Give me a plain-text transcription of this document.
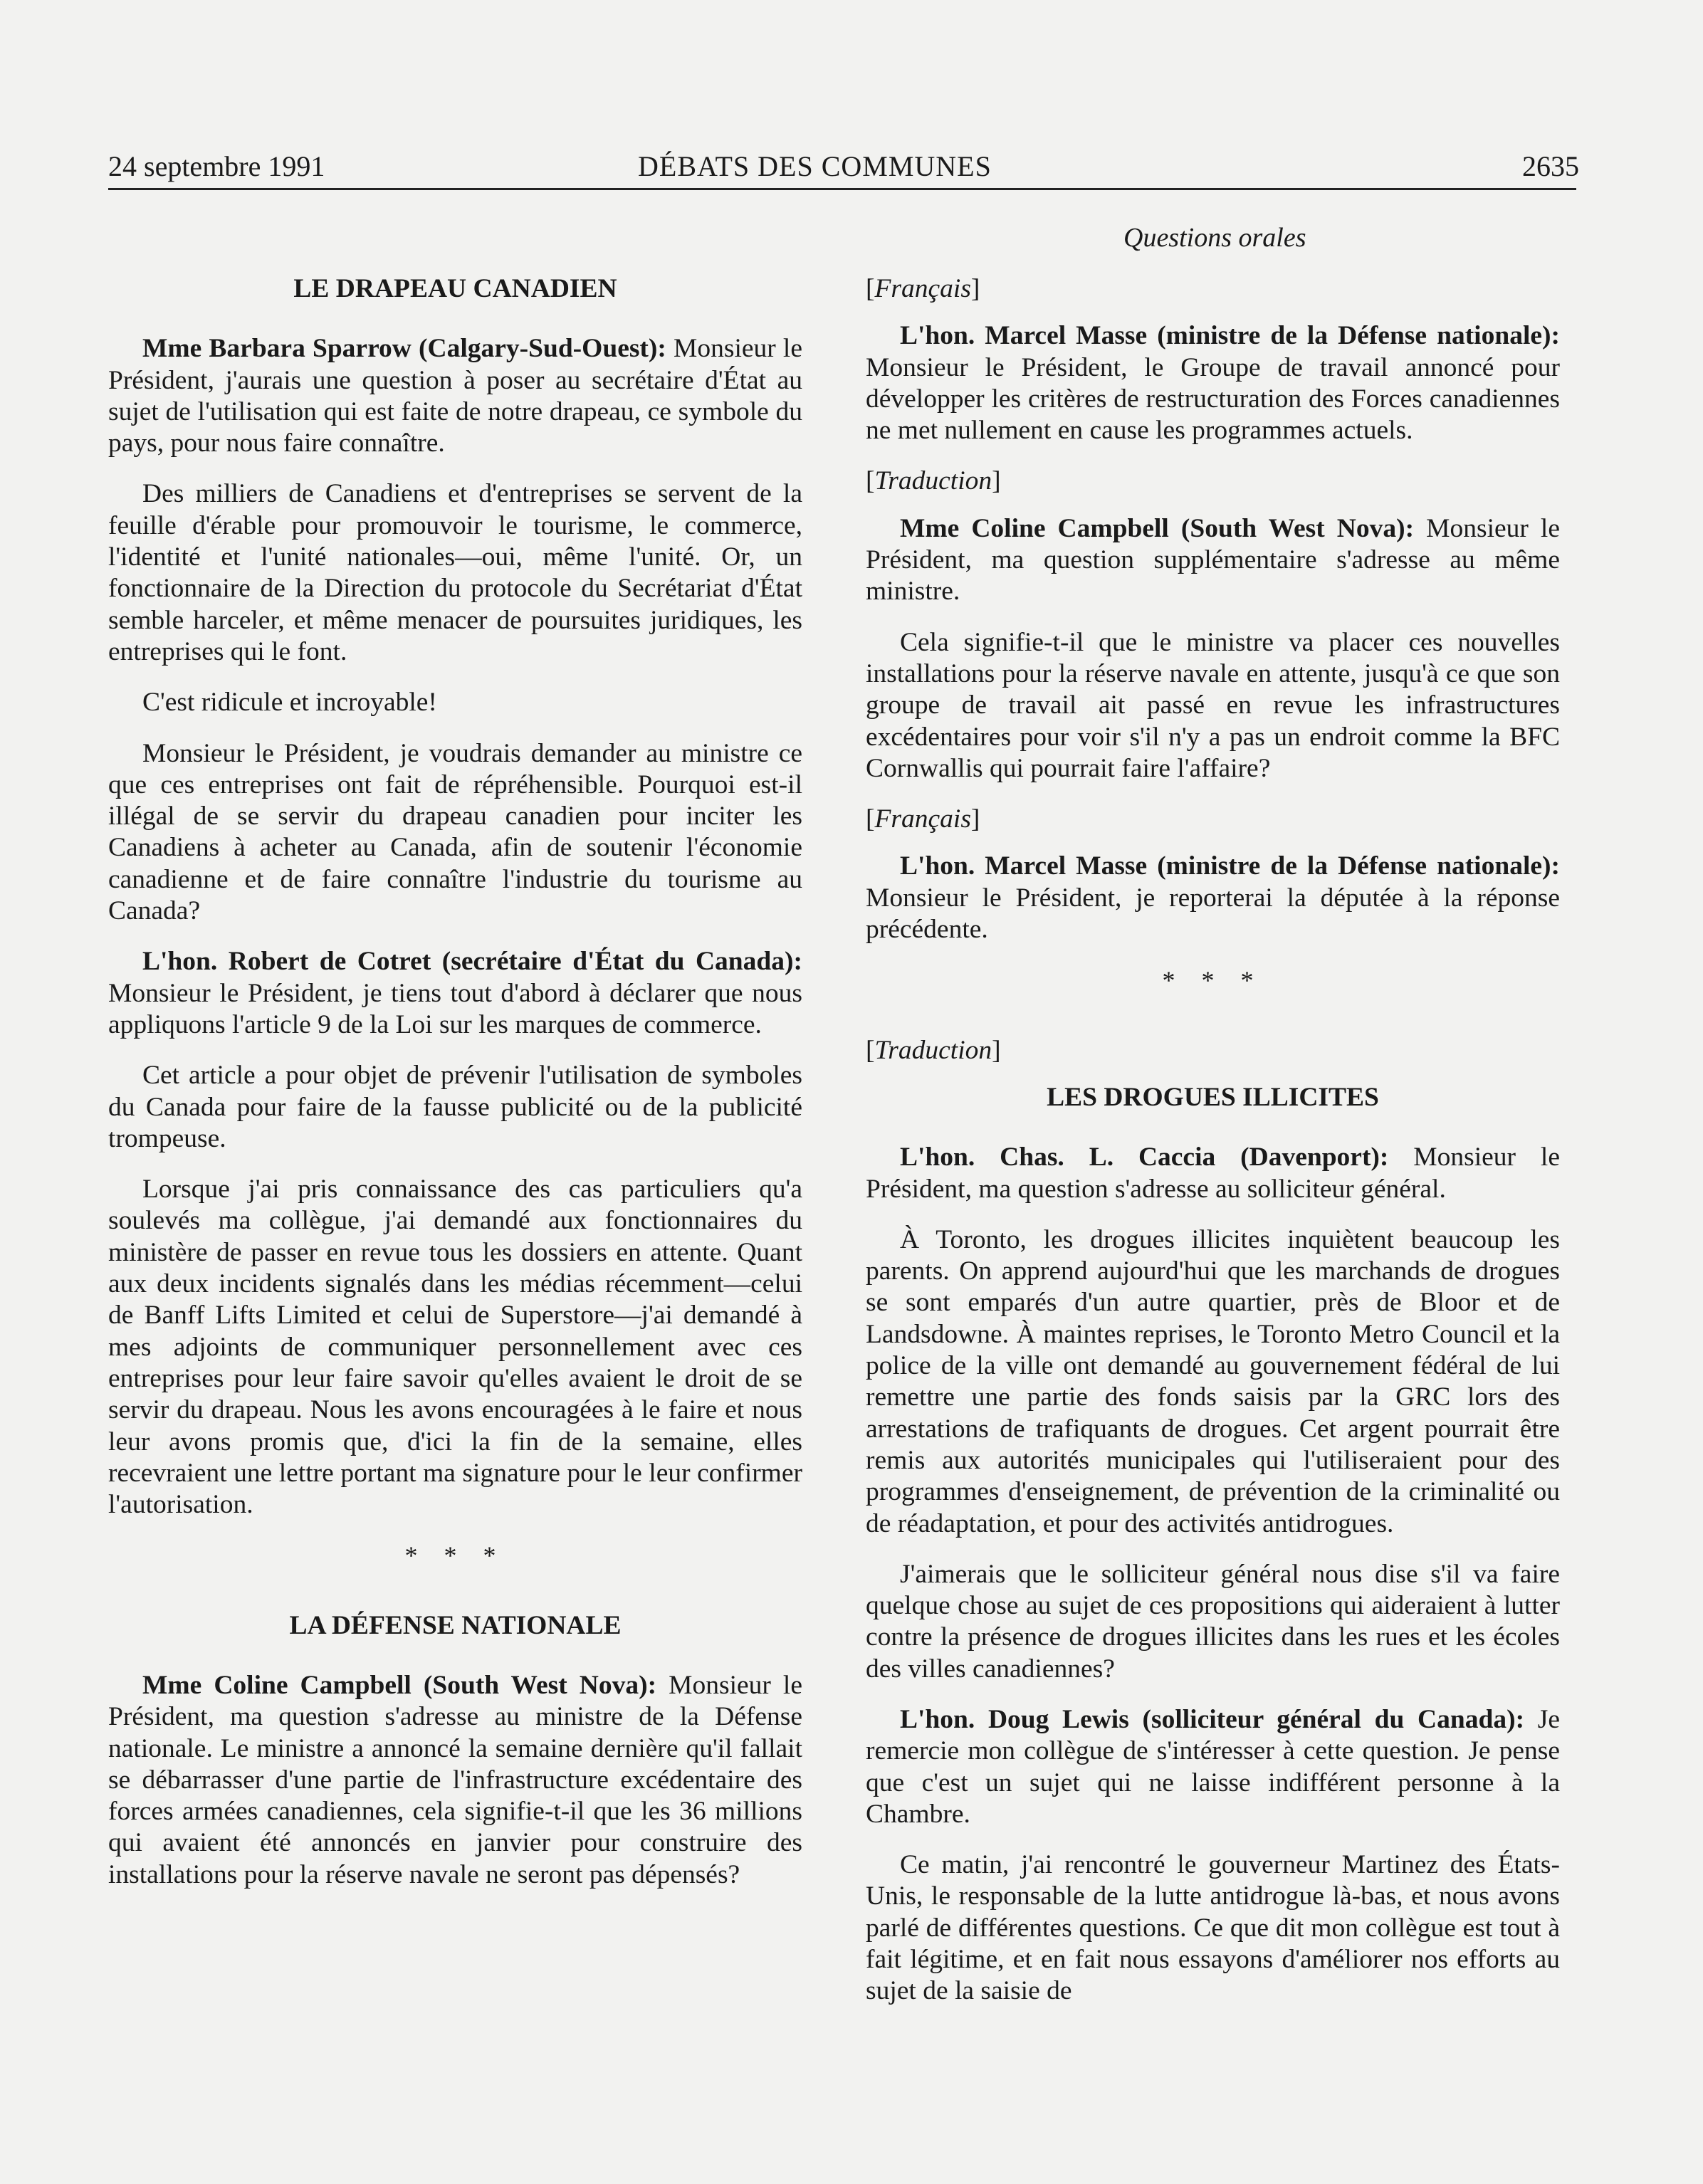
24 septembre 1991	DÉBATS DES COMMUNES	2635
Questions orales

LE DRAPEAU CANADIEN

Mme Barbara Sparrow (Calgary-Sud-Ouest): Monsieur le Président, j'aurais une question à poser au secrétaire d'État au sujet de l'utilisation qui est faite de notre drapeau, ce symbole du pays, pour nous faire connaître.

Des milliers de Canadiens et d'entreprises se servent de la feuille d'érable pour promouvoir le tourisme, le commerce, l'identité et l'unité nationales—oui, même l'unité. Or, un fonctionnaire de la Direction du protocole du Secrétariat d'État semble harceler, et même menacer de poursuites juridiques, les entreprises qui le font.

C'est ridicule et incroyable!

Monsieur le Président, je voudrais demander au ministre ce que ces entreprises ont fait de répréhensible. Pourquoi est-il illégal de se servir du drapeau canadien pour inciter les Canadiens à acheter au Canada, afin de soutenir l'économie canadienne et de faire connaître l'industrie du tourisme au Canada?

L'hon. Robert de Cotret (secrétaire d'État du Canada): Monsieur le Président, je tiens tout d'abord à déclarer que nous appliquons l'article 9 de la Loi sur les marques de commerce.

Cet article a pour objet de prévenir l'utilisation de symboles du Canada pour faire de la fausse publicité ou de la publicité trompeuse.

Lorsque j'ai pris connaissance des cas particuliers qu'a soulevés ma collègue, j'ai demandé aux fonctionnaires du ministère de passer en revue tous les dossiers en attente. Quant aux deux incidents signalés dans les médias récemment—celui de Banff Lifts Limited et celui de Superstore—j'ai demandé à mes adjoints de communiquer personnellement avec ces entreprises pour leur faire savoir qu'elles avaient le droit de se servir du drapeau. Nous les avons encouragées à le faire et nous leur avons promis que, d'ici la fin de la semaine, elles recevraient une lettre portant ma signature pour le leur confirmer l'autorisation.

* * *

LA DÉFENSE NATIONALE

Mme Coline Campbell (South West Nova): Monsieur le Président, ma question s'adresse au ministre de la Défense nationale. Le ministre a annoncé la semaine dernière qu'il fallait se débarrasser d'une partie de l'infrastructure excédentaire des forces armées canadiennes, cela signifie-t-il que les 36 millions qui avaient été annoncés en janvier pour construire des installations pour la réserve navale ne seront pas dépensés?

[Français]

L'hon. Marcel Masse (ministre de la Défense nationale): Monsieur le Président, le Groupe de travail annoncé pour développer les critères de restructuration des Forces canadiennes ne met nullement en cause les programmes actuels.

[Traduction]

Mme Coline Campbell (South West Nova): Monsieur le Président, ma question supplémentaire s'adresse au même ministre.

Cela signifie-t-il que le ministre va placer ces nouvelles installations pour la réserve navale en attente, jusqu'à ce que son groupe de travail ait passé en revue les infrastructures excédentaires pour voir s'il n'y a pas un endroit comme la BFC Cornwallis qui pourrait faire l'affaire?

[Français]

L'hon. Marcel Masse (ministre de la Défense nationale): Monsieur le Président, je reporterai la députée à la réponse précédente.

* * *

[Traduction]

LES DROGUES ILLICITES

L'hon. Chas. L. Caccia (Davenport): Monsieur le Président, ma question s'adresse au solliciteur général.

À Toronto, les drogues illicites inquiètent beaucoup les parents. On apprend aujourd'hui que les marchands de drogues se sont emparés d'un autre quartier, près de Bloor et de Landsdowne. À maintes reprises, le Toronto Metro Council et la police de la ville ont demandé au gouvernement fédéral de lui remettre une partie des fonds saisis par la GRC lors des arrestations de trafiquants de drogues. Cet argent pourrait être remis aux autorités municipales qui l'utiliseraient pour des programmes d'enseignement, de prévention de la criminalité ou de réadaptation, et pour des activités antidrogues.

J'aimerais que le solliciteur général nous dise s'il va faire quelque chose au sujet de ces propositions qui aideraient à lutter contre la présence de drogues illicites dans les rues et les écoles des villes canadiennes?

L'hon. Doug Lewis (solliciteur général du Canada): Je remercie mon collègue de s'intéresser à cette question. Je pense que c'est un sujet qui ne laisse indifférent personne à la Chambre.

Ce matin, j'ai rencontré le gouverneur Martinez des États-Unis, le responsable de la lutte antidrogue là-bas, et nous avons parlé de différentes questions. Ce que dit mon collègue est tout à fait légitime, et en fait nous essayons d'améliorer nos efforts au sujet de la saisie de
